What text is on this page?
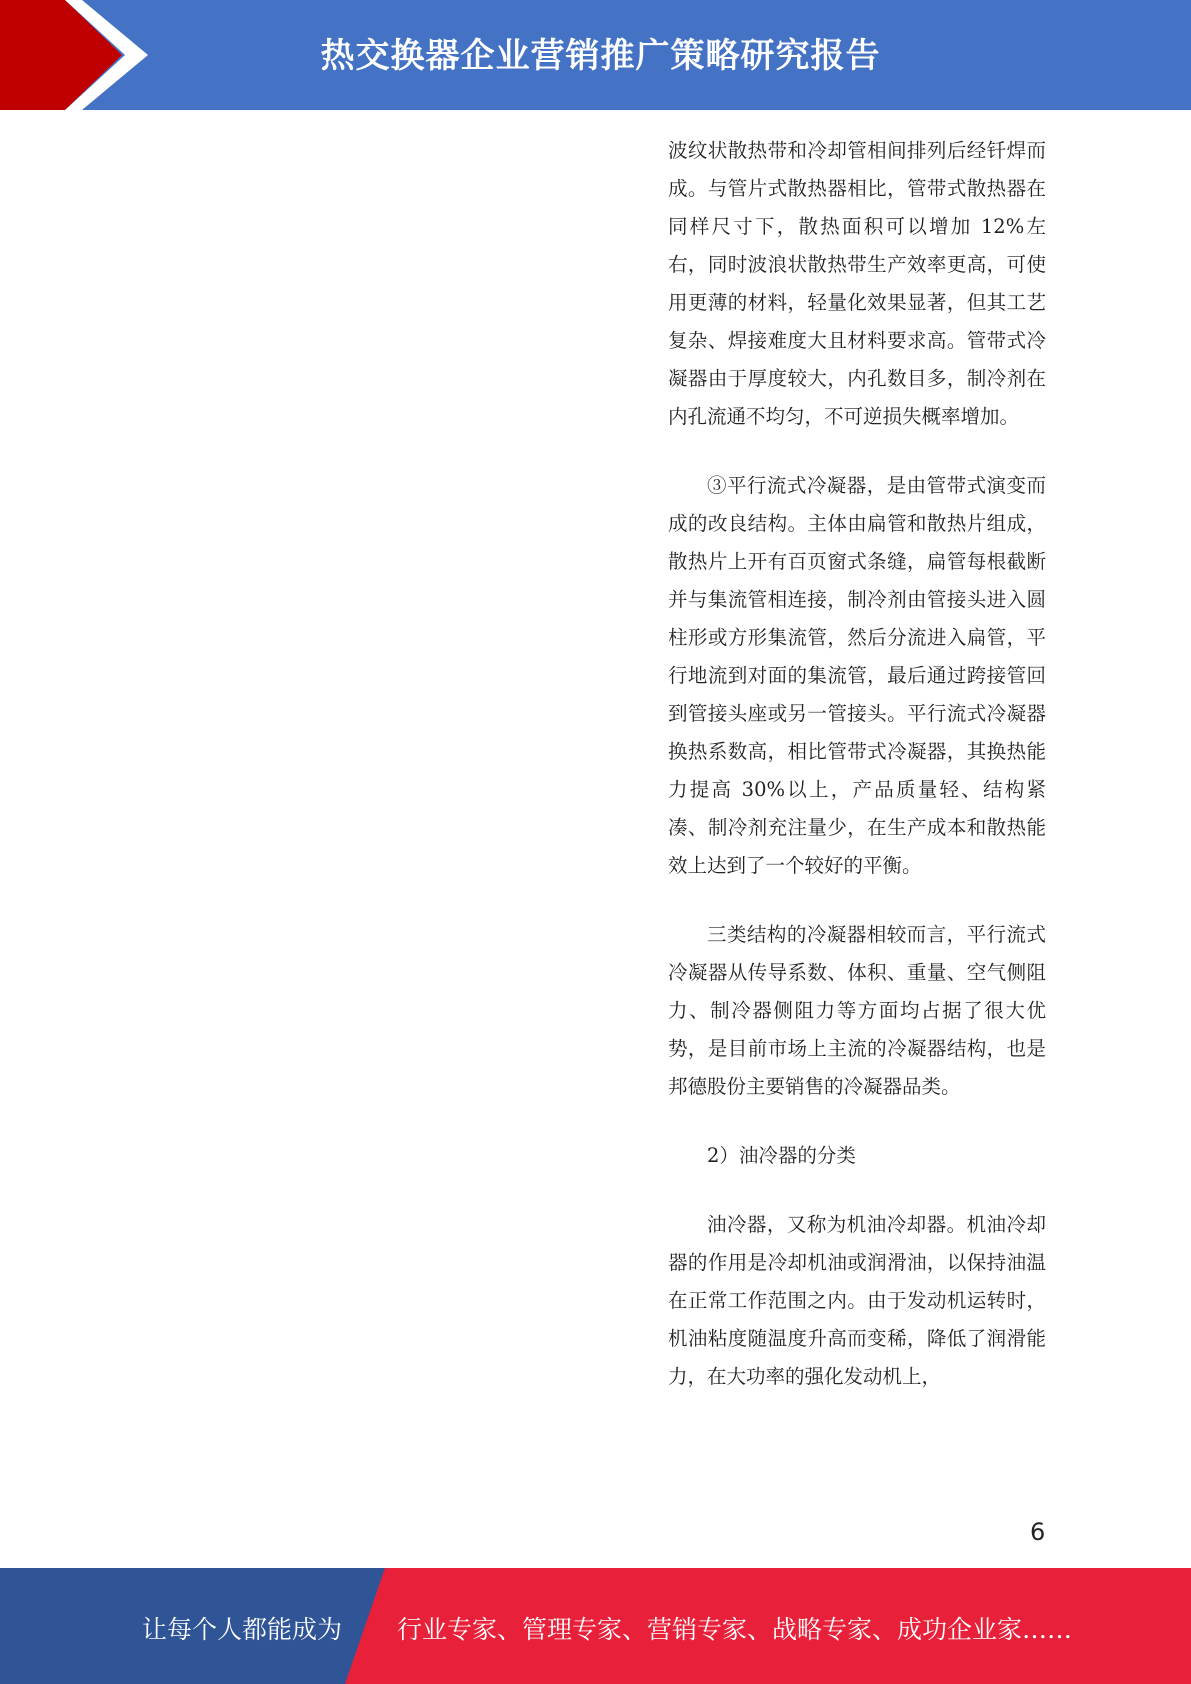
热交换器企业营销推广策略研究报告

波纹状散热带和冷却管相间排列后经钎焊而成。与管片式散热器相比，管带式散热器在同样尺寸下，散热面积可以增加 12%左右，同时波浪状散热带生产效率更高，可使用更薄的材料，轻量化效果显著，但其工艺复杂、焊接难度大且材料要求高。管带式冷凝器由于厚度较大，内孔数目多，制冷剂在内孔流通不均匀，不可逆损失概率增加。

③平行流式冷凝器，是由管带式演变而成的改良结构。主体由扁管和散热片组成，散热片上开有百页窗式条缝，扁管每根截断并与集流管相连接，制冷剂由管接头进入圆柱形或方形集流管，然后分流进入扁管，平行地流到对面的集流管，最后通过跨接管回到管接头座或另一管接头。平行流式冷凝器换热系数高，相比管带式冷凝器，其换热能力提高 30%以上，产品质量轻、结构紧凑、制冷剂充注量少，在生产成本和散热能效上达到了一个较好的平衡。

三类结构的冷凝器相较而言，平行流式冷凝器从传导系数、体积、重量、空气侧阻力、制冷器侧阻力等方面均占据了很大优势，是目前市场上主流的冷凝器结构，也是邦德股份主要销售的冷凝器品类。

2）油冷器的分类

油冷器，又称为机油冷却器。机油冷却器的作用是冷却机油或润滑油，以保持油温在正常工作范围之内。由于发动机运转时，机油粘度随温度升高而变稀，降低了润滑能力，在大功率的强化发动机上，

6
让每个人都能成为 行业专家、管理专家、营销专家、战略专家、成功企业家……
